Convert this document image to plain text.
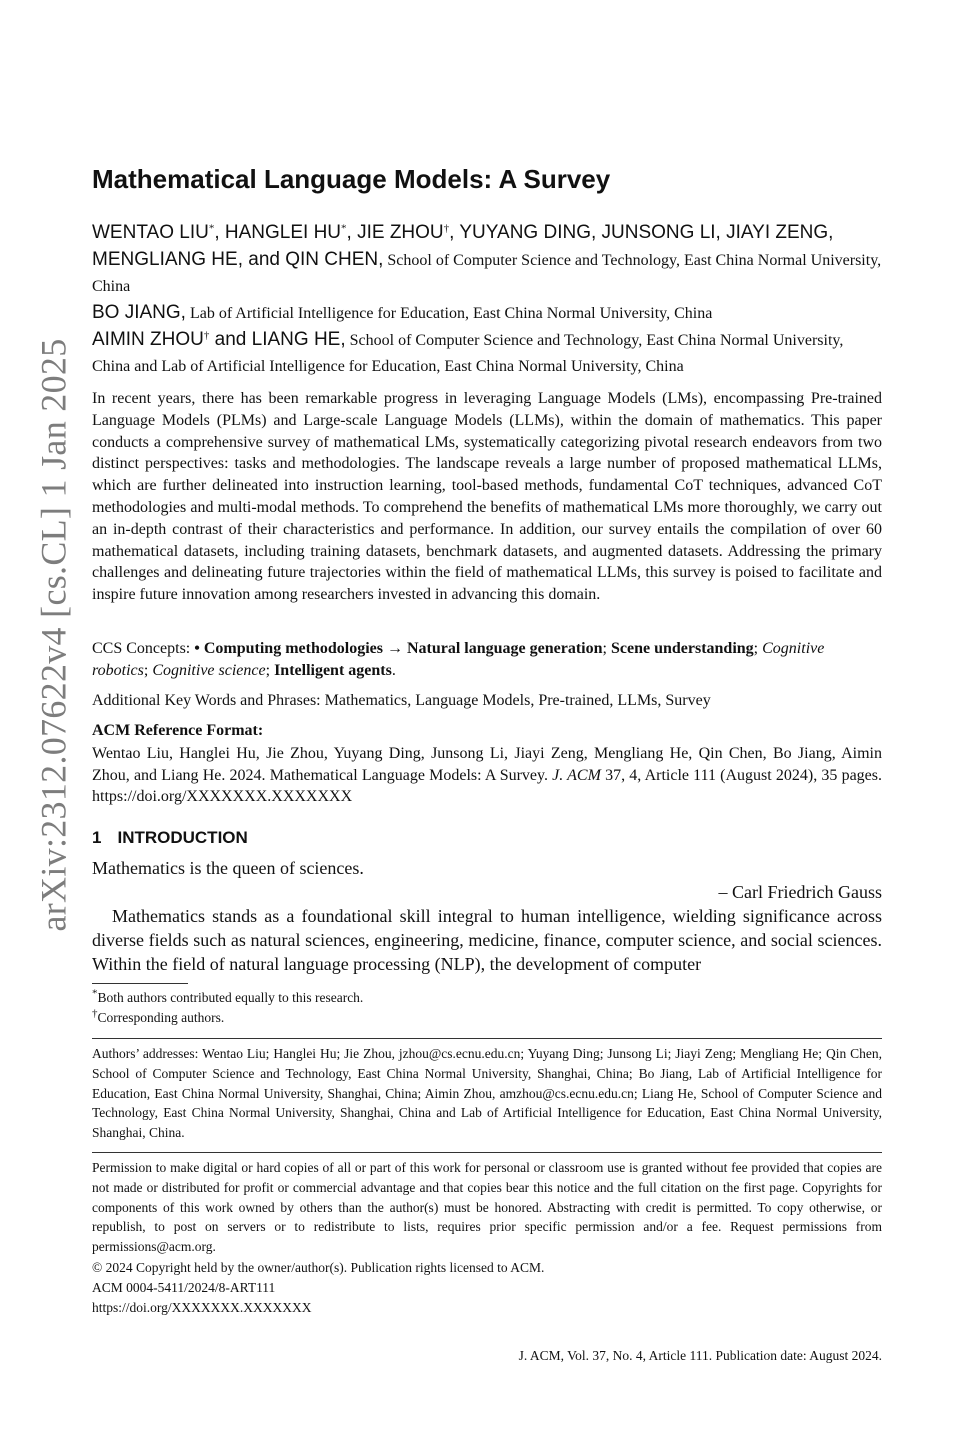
arXiv:2312.07622v4 [cs.CL] 1 Jan 2025
Mathematical Language Models: A Survey
WENTAO LIU*, HANGLEI HU*, JIE ZHOU†, YUYANG DING, JUNSONG LI, JIAYI ZENG, MENGLIANG HE, and QIN CHEN, School of Computer Science and Technology, East China Normal University, China
BO JIANG, Lab of Artificial Intelligence for Education, East China Normal University, China
AIMIN ZHOU† and LIANG HE, School of Computer Science and Technology, East China Normal University, China and Lab of Artificial Intelligence for Education, East China Normal University, China
In recent years, there has been remarkable progress in leveraging Language Models (LMs), encompassing Pre-trained Language Models (PLMs) and Large-scale Language Models (LLMs), within the domain of mathematics. This paper conducts a comprehensive survey of mathematical LMs, systematically categorizing pivotal research endeavors from two distinct perspectives: tasks and methodologies. The landscape reveals a large number of proposed mathematical LLMs, which are further delineated into instruction learning, tool-based methods, fundamental CoT techniques, advanced CoT methodologies and multi-modal methods. To comprehend the benefits of mathematical LMs more thoroughly, we carry out an in-depth contrast of their characteristics and performance. In addition, our survey entails the compilation of over 60 mathematical datasets, including training datasets, benchmark datasets, and augmented datasets. Addressing the primary challenges and delineating future trajectories within the field of mathematical LLMs, this survey is poised to facilitate and inspire future innovation among researchers invested in advancing this domain.
CCS Concepts: • Computing methodologies → Natural language generation; Scene understanding; Cognitive robotics; Cognitive science; Intelligent agents.
Additional Key Words and Phrases: Mathematics, Language Models, Pre-trained, LLMs, Survey
ACM Reference Format:
Wentao Liu, Hanglei Hu, Jie Zhou, Yuyang Ding, Junsong Li, Jiayi Zeng, Mengliang He, Qin Chen, Bo Jiang, Aimin Zhou, and Liang He. 2024. Mathematical Language Models: A Survey. J. ACM 37, 4, Article 111 (August 2024), 35 pages. https://doi.org/XXXXXXX.XXXXXXX
1 INTRODUCTION
Mathematics is the queen of sciences.
– Carl Friedrich Gauss
Mathematics stands as a foundational skill integral to human intelligence, wielding significance across diverse fields such as natural sciences, engineering, medicine, finance, computer science, and social sciences. Within the field of natural language processing (NLP), the development of computer
*Both authors contributed equally to this research.
†Corresponding authors.
Authors’ addresses: Wentao Liu; Hanglei Hu; Jie Zhou, jzhou@cs.ecnu.edu.cn; Yuyang Ding; Junsong Li; Jiayi Zeng; Mengliang He; Qin Chen, School of Computer Science and Technology, East China Normal University, Shanghai, China; Bo Jiang, Lab of Artificial Intelligence for Education, East China Normal University, Shanghai, China; Aimin Zhou, amzhou@cs.ecnu.edu.cn; Liang He, School of Computer Science and Technology, East China Normal University, Shanghai, China and Lab of Artificial Intelligence for Education, East China Normal University, Shanghai, China.
Permission to make digital or hard copies of all or part of this work for personal or classroom use is granted without fee provided that copies are not made or distributed for profit or commercial advantage and that copies bear this notice and the full citation on the first page. Copyrights for components of this work owned by others than the author(s) must be honored. Abstracting with credit is permitted. To copy otherwise, or republish, to post on servers or to redistribute to lists, requires prior specific permission and/or a fee. Request permissions from permissions@acm.org.
© 2024 Copyright held by the owner/author(s). Publication rights licensed to ACM.
ACM 0004-5411/2024/8-ART111
https://doi.org/XXXXXXX.XXXXXXX
J. ACM, Vol. 37, No. 4, Article 111. Publication date: August 2024.
